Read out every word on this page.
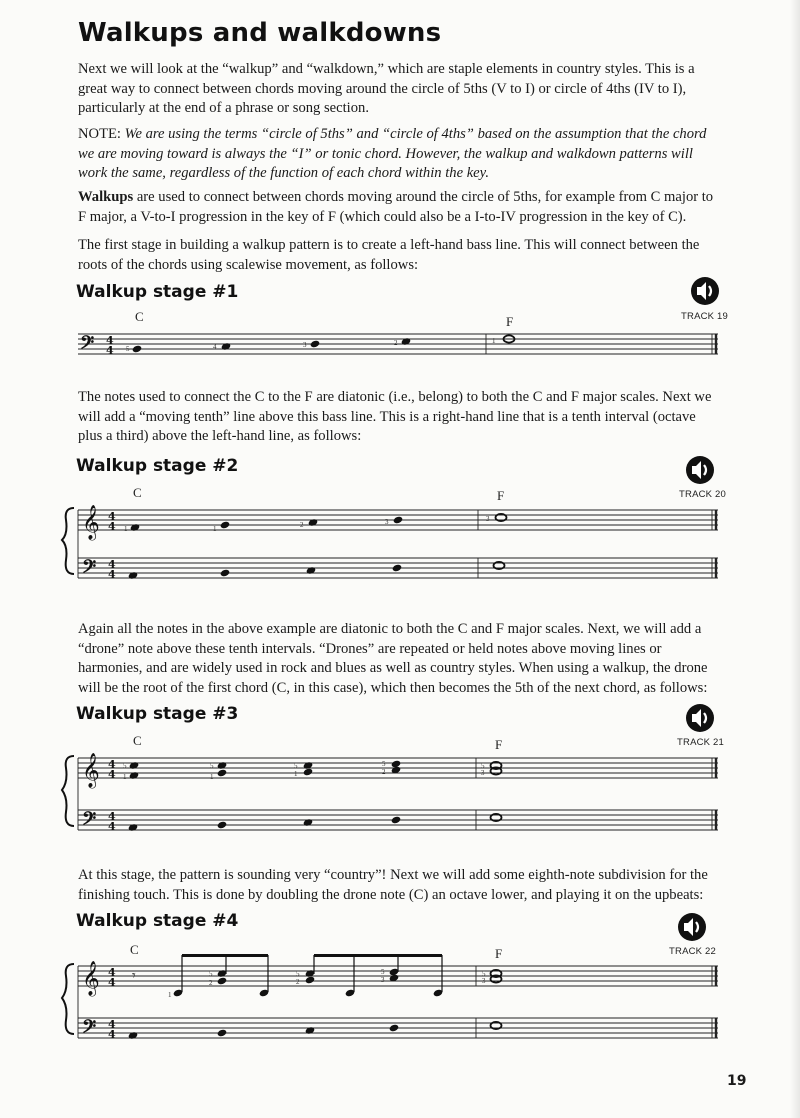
Walkups and walkdowns

Next we will look at the “walkup” and “walkdown,” which are staple elements in country styles. This is a great way to connect between chords moving around the circle of 5ths (V to I) or circle of 4ths (IV to I), particularly at the end of a phrase or song section.

NOTE: We are using the terms “circle of 5ths” and “circle of 4ths” based on the assumption that the chord we are moving toward is always the “I” or tonic chord. However, the walkup and walkdown patterns will work the same, regardless of the function of each chord within the key.

Walkups are used to connect between chords moving around the circle of 5ths, for example from C major to F major, a V-to-I progression in the key of F (which could also be a I-to-IV progression in the key of C).

The first stage in building a walkup pattern is to create a left-hand bass line. This will connect between the roots of the chords using scalewise movement, as follows:

Walkup stage #1
TRACK 19
C	F
𝄢 4
4 5	4	3	2	1

The notes used to connect the C to the F are diatonic (i.e., belong) to both the C and F major scales. Next we will add a “moving tenth” line above this bass line. This is a right-hand line that is a tenth interval (octave plus a third) above the left-hand line, as follows:

Walkup stage #2
TRACK 20
C	F
𝄞
𝄢
4
4
4
4
1	1	2	3	3

Again all the notes in the above example are diatonic to both the C and F major scales. Next, we will add a “drone” note above these tenth intervals. “Drones” are repeated or held notes above moving lines or harmonies, and are widely used in rock and blues as well as country styles. When using a walkup, the drone will be the root of the first chord (C, in this case), which then becomes the 5th of the next chord, as follows:

Walkup stage #3
TRACK 21
C	F
𝄞
𝄢
4
4
4
4
5
1
5
1
5
1
5
2
5
3

At this stage, the pattern is sounding very “country”! Next we will add some eighth-note subdivision for the finishing touch. This is done by doubling the drone note (C) an octave lower, and playing it on the upbeats:

Walkup stage #4
TRACK 22
C	F
𝄞
𝄢
4
4
4
4
𝄾
1
5
2
5
2
5
3
5
3
19
